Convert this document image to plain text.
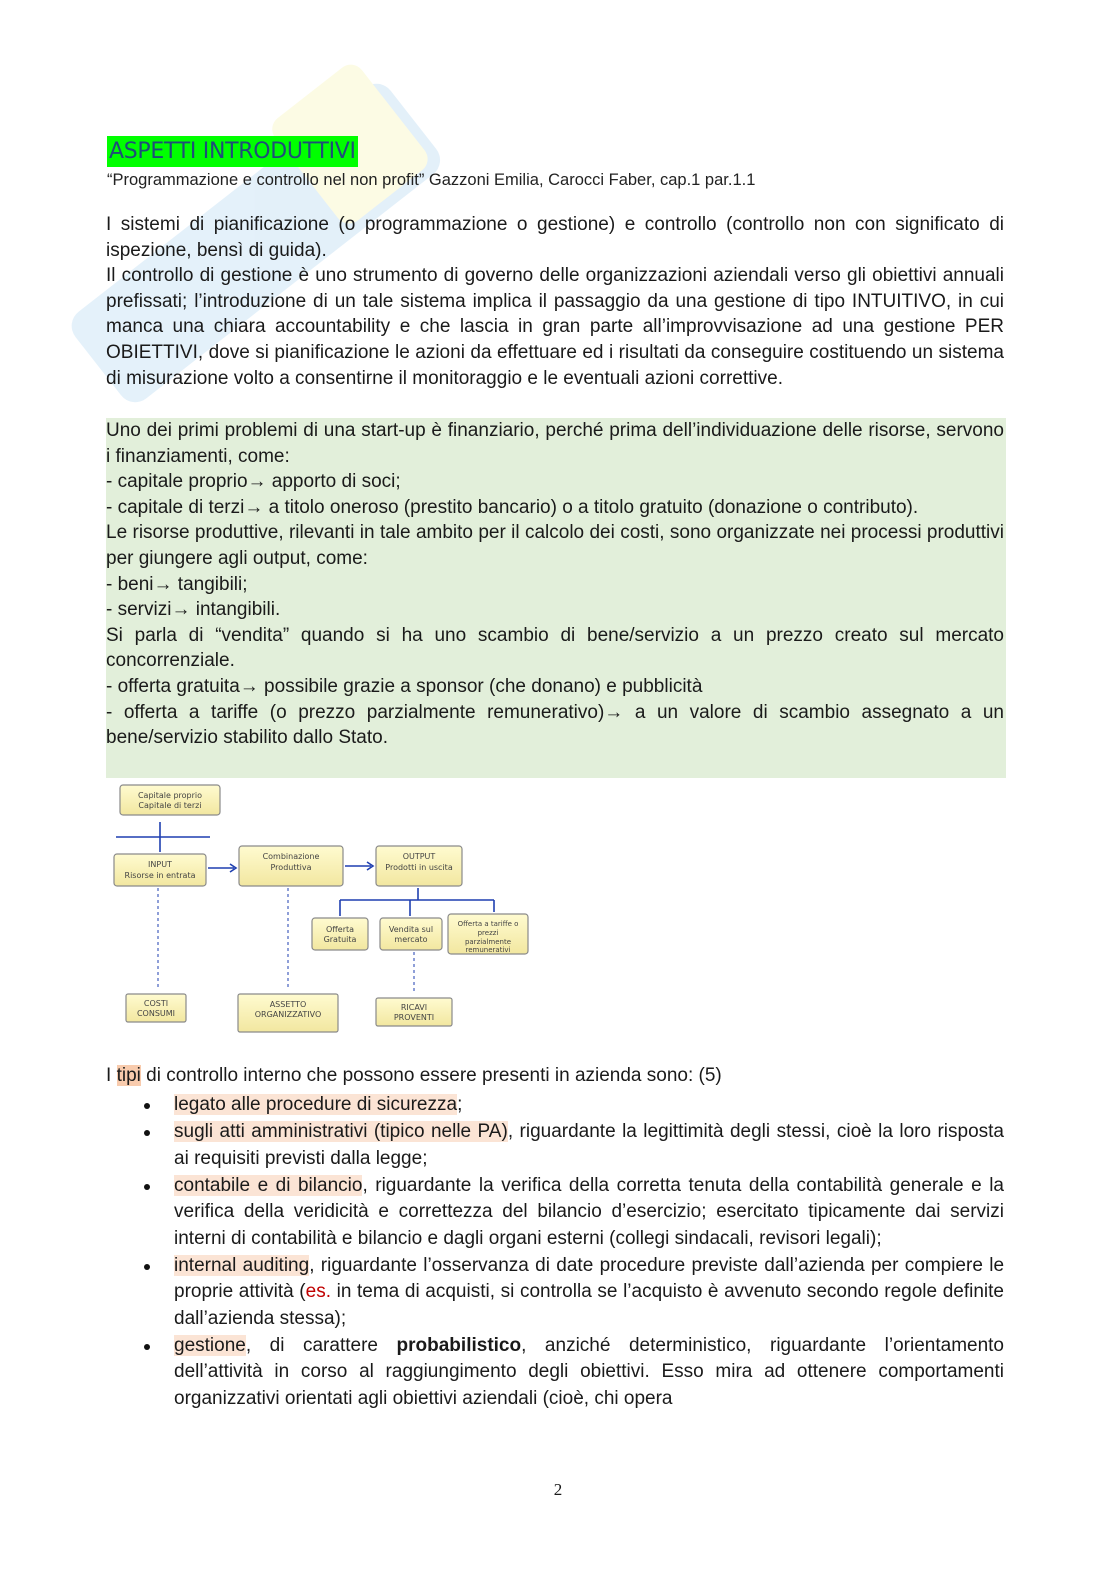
ASPETTI INTRODUTTIVI
“Programmazione e controllo nel non profit” Gazzoni Emilia, Carocci Faber, cap.1 par.1.1

I sistemi di pianificazione (o programmazione o gestione) e controllo (controllo non con significato di ispezione, bensì di guida).

Il controllo di gestione è uno strumento di governo delle organizzazioni aziendali verso gli obiettivi annuali prefissati; l’introduzione di un tale sistema implica il passaggio da una gestione di tipo INTUITIVO, in cui manca una chiara accountability e che lascia in gran parte all’improvvisazione ad una gestione PER OBIETTIVI, dove si pianificazione le azioni da effettuare ed i risultati da conseguire costituendo un sistema di misurazione volto a consentirne il monitoraggio e le eventuali azioni correttive.

Uno dei primi problemi di una start-up è finanziario, perché prima dell’individuazione delle risorse, servono i finanziamenti, come:

- capitale proprio→ apporto di soci;

- capitale di terzi→ a titolo oneroso (prestito bancario) o a titolo gratuito (donazione o contributo).

Le risorse produttive, rilevanti in tale ambito per il calcolo dei costi, sono organizzate nei processi produttivi per giungere agli output, come:

- beni→ tangibili;

- servizi→ intangibili.

Si parla di “vendita” quando si ha uno scambio di bene/servizio a un prezzo creato sul mercato concorrenziale.

- offerta gratuita→ possibile grazie a sponsor (che donano) e pubblicità

- offerta a tariffe (o prezzo parzialmente remunerativo)→ a un valore di scambio assegnato a un bene/servizio stabilito dallo Stato.

Capitale proprio
Capitale di terzi
INPUT
Risorse in entrata
Combinazione
Produttiva
OUTPUT
Prodotti in uscita
Offerta
Gratuita
Vendita sul
mercato
Offerta a tariffe o
prezzi
parzialmente
remunerativi
COSTI
CONSUMI
ASSETTO
ORGANIZZATIVO
RICAVI
PROVENTI
I tipi di controllo interno che possono essere presenti in azienda sono: (5)
legato alle procedure di sicurezza;
sugli atti amministrativi (tipico nelle PA), riguardante la legittimità degli stessi, cioè la loro risposta ai requisiti previsti dalla legge;
contabile e di bilancio, riguardante la verifica della corretta tenuta della contabilità generale e la verifica della veridicità e correttezza del bilancio d’esercizio; esercitato tipicamente dai servizi interni di contabilità e bilancio e dagli organi esterni (collegi sindacali, revisori legali);
internal auditing, riguardante l’osservanza di date procedure previste dall’azienda per compiere le proprie attività (es. in tema di acquisti, si controlla se l’acquisto è avvenuto secondo regole definite dall’azienda stessa);
gestione, di carattere probabilistico, anziché deterministico, riguardante l’orientamento dell’attività in corso al raggiungimento degli obiettivi. Esso mira ad ottenere comportamenti organizzativi orientati agli obiettivi aziendali (cioè, chi opera
2
